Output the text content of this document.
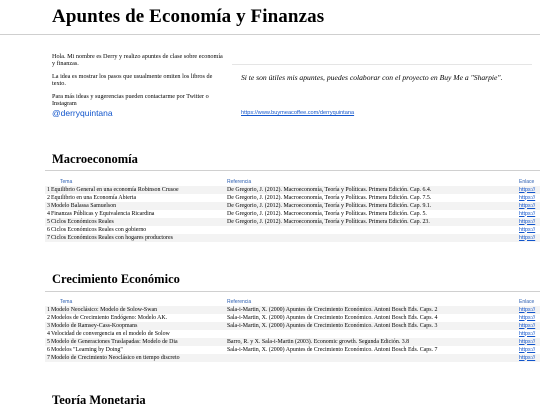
Apuntes de Economía y Finanzas

Hola. Mi nombre es Derry y realizo apuntes de clase sobre economía y finanzas.

La idea es mostrar los pasos que usualmente omiten los libros de texto.

Para más ideas y sugerencias pueden contactarme por Twitter o Instagram

@derryquintana
Si te son útiles mis apuntes, puedes colaborar con el proyecto en Buy Me a "Sharpie".
https://www.buymeacoffee.com/derryquintana
Macroeconomía
	Tema	Referencia	Enlace
1	Equilibrio General en una economía Robinson Crusoe	De Gregorio, J. (2012). Macroeconomía, Teoría y Políticas. Primera Edición. Cap. 6.4.	https://
2	Equilibrio en una Economía Abierta	De Gregorio, J. (2012). Macroeconomía, Teoría y Políticas. Primera Edición. Cap. 7.5.	https://
3	Modelo Balassa Samuelson	De Gregorio, J. (2012). Macroeconomía, Teoría y Políticas. Primera Edición. Cap. 9.1.	https://
4	Finanzas Públicas y Equivalencia Ricardina	De Gregorio, J. (2012). Macroeconomía, Teoría y Políticas. Primera Edición. Cap. 5.	https://
5	Ciclos Económicos Reales	De Gregorio, J. (2012). Macroeconomía, Teoría y Políticas. Primera Edición. Cap. 23.	https://
6	Ciclos Económicos Reales con gobierno		https://
7	Ciclos Económicos Reales con hogares productores		https://
Crecimiento Económico
	Tema	Referencia	Enlace
1	Modelo Neoclásico: Modelo de Solow-Swan	Sala-i-Martin, X. (2000) Apuntes de Crecimiento Económico. Antoni Bosch Eds. Caps. 2	https://
2	Modelos de Crecimiento Endógeno: Modelo AK.	Sala-i-Martin, X. (2000) Apuntes de Crecimiento Económico. Antoni Bosch Eds. Caps. 4	https://
3	Modelo de Ramsey-Cass-Koopmans	Sala-i-Martin, X. (2000) Apuntes de Crecimiento Económico. Antoni Bosch Eds. Caps. 3	https://
4	Velocidad de convergencia en el modelo de Solow		https://
5	Modelo de Generaciones Traslapadas: Modelo de Dia	Barro, R. y X. Sala-i-Martin (2003). Economic growth. Segunda Edición. 3.8	https://
6	Modelos "Learning by Doing"	Sala-i-Martin, X. (2000) Apuntes de Crecimiento Económico. Antoni Bosch Eds. Caps. 7	https://
7	Modelo de Crecimiento Neoclásico en tiempo discreto		https://
Teoría Monetaria
